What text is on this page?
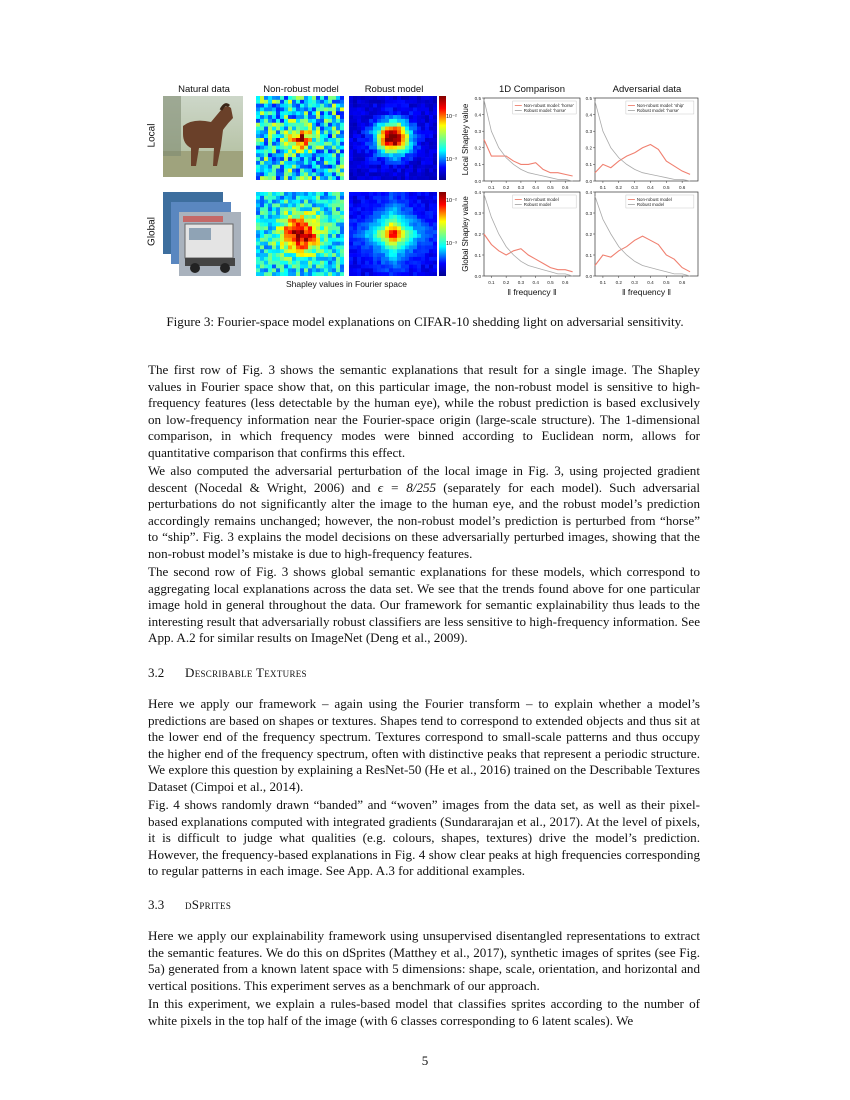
Natural data	Non-robust model	Robust model	1D Comparison	Adversarial data
Local
Global
10⁻²
10⁻³
10⁻²
10⁻³
Shapley values in Fourier space
0.0
0.1
0.2
0.3
0.4
0.5
0.1 0.2 0.3 0.4 0.5 0.6
Non-robust model: 'horse'
Robust model: 'horse'
Local Shapley value
0.0
0.1
0.2
0.3
0.4
0.5
0.1 0.2 0.3 0.4 0.5 0.6
Non-robust model: 'ship'
Robust model: 'horse'
0.0
0.1
0.2
0.3
0.4
0.1 0.2 0.3 0.4 0.5 0.6
Non-robust model
Robust model
Global Shapley value
‖ frequency ‖
0.0
0.1
0.2
0.3
0.4
0.1 0.2 0.3 0.4 0.5 0.6
Non-robust model
Robust model
‖ frequency ‖
Figure 3: Fourier-space model explanations on CIFAR-10 shedding light on adversarial sensitivity.

The first row of Fig. 3 shows the semantic explanations that result for a single image. The Shapley values in Fourier space show that, on this particular image, the non-robust model is sensitive to high-frequency features (less detectable by the human eye), while the robust prediction is based exclusively on low-frequency information near the Fourier-space origin (large-scale structure). The 1-dimensional comparison, in which frequency modes were binned according to Euclidean norm, allows for quantitative comparison that confirms this effect.

We also computed the adversarial perturbation of the local image in Fig. 3, using projected gradient descent (Nocedal & Wright, 2006) and ϵ = 8/255 (separately for each model). Such adversarial perturbations do not significantly alter the image to the human eye, and the robust model’s prediction accordingly remains unchanged; however, the non-robust model’s prediction is perturbed from “horse” to “ship”. Fig. 3 explains the model decisions on these adversarially perturbed images, showing that the non-robust model’s mistake is due to high-frequency features.

The second row of Fig. 3 shows global semantic explanations for these models, which correspond to aggregating local explanations across the data set. We see that the trends found above for one particular image hold in general throughout the data. Our framework for semantic explainability thus leads to the interesting result that adversarially robust classifiers are less sensitive to high-frequency information. See App. A.2 for similar results on ImageNet (Deng et al., 2009).

3.2 Describable Textures

Here we apply our framework – again using the Fourier transform – to explain whether a model’s predictions are based on shapes or textures. Shapes tend to correspond to extended objects and thus sit at the lower end of the frequency spectrum. Textures correspond to small-scale patterns and thus occupy the higher end of the frequency spectrum, often with distinctive peaks that represent a periodic structure. We explore this question by explaining a ResNet-50 (He et al., 2016) trained on the Describable Textures Dataset (Cimpoi et al., 2014).

Fig. 4 shows randomly drawn “banded” and “woven” images from the data set, as well as their pixel-based explanations computed with integrated gradients (Sundararajan et al., 2017). At the level of pixels, it is difficult to judge what qualities (e.g. colours, shapes, textures) drive the model’s prediction. However, the frequency-based explanations in Fig. 4 show clear peaks at high frequencies corresponding to regular patterns in each image. See App. A.3 for additional examples.

3.3 dSprites

Here we apply our explainability framework using unsupervised disentangled representations to extract the semantic features. We do this on dSprites (Matthey et al., 2017), synthetic images of sprites (see Fig. 5a) generated from a known latent space with 5 dimensions: shape, scale, orientation, and horizontal and vertical positions. This experiment serves as a benchmark of our approach.

In this experiment, we explain a rules-based model that classifies sprites according to the number of white pixels in the top half of the image (with 6 classes corresponding to 6 latent scales). We

5
